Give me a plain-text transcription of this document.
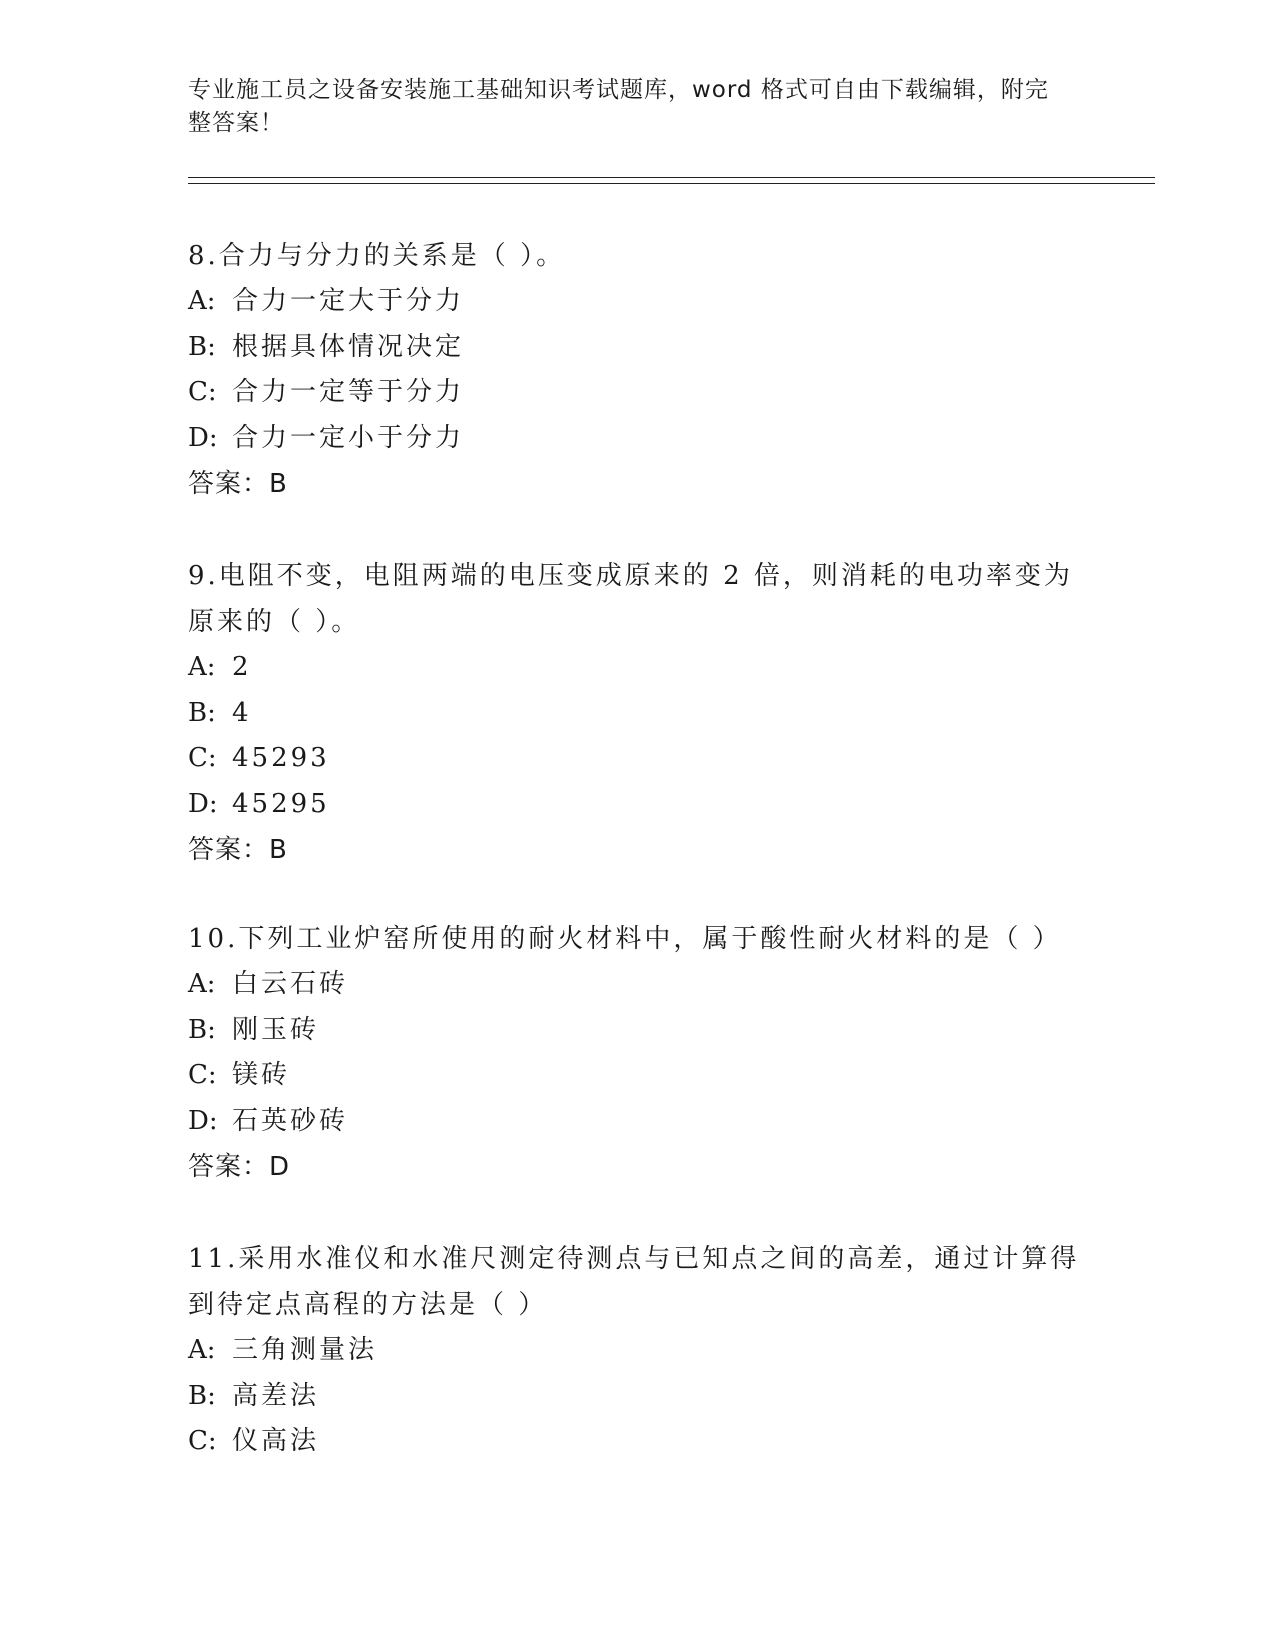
专业施工员之设备安装施工基础知识考试题库，word 格式可自由下载编辑，附完整答案！

8.合力与分力的关系是（ ）。

A: 合力一定大于分力

B: 根据具体情况决定

C: 合力一定等于分力

D: 合力一定小于分力

答案：B

9.电阻不变，电阻两端的电压变成原来的 2 倍，则消耗的电功率变为原来的（ ）。

A: 2

B: 4

C: 45293

D: 45295

答案：B

10.下列工业炉窑所使用的耐火材料中，属于酸性耐火材料的是（ ）

A: 白云石砖

B: 刚玉砖

C: 镁砖

D: 石英砂砖

答案：D

11.采用水准仪和水准尺测定待测点与已知点之间的高差，通过计算得到待定点高程的方法是（ ）

A: 三角测量法

B: 高差法

C: 仪高法
